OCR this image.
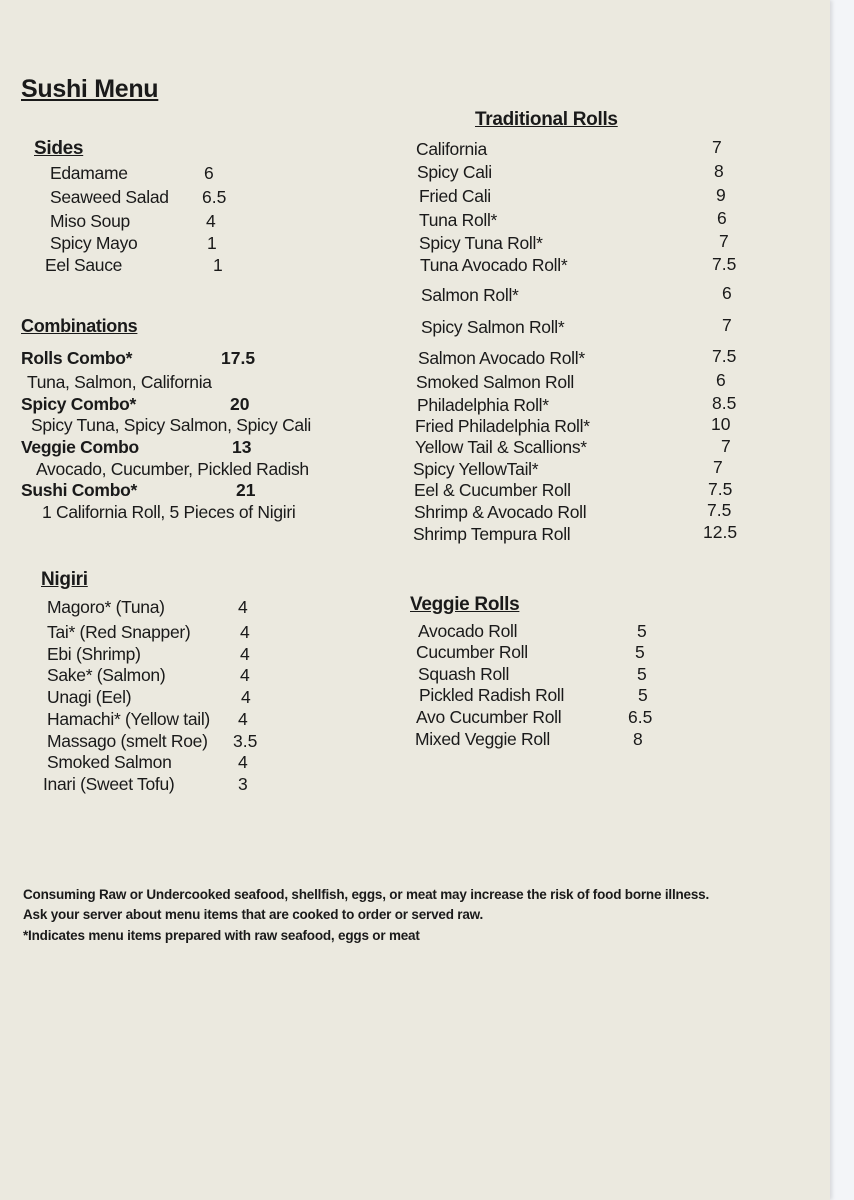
Sushi Menu
Sides
Edamame	6
Seaweed Salad 6.5
Miso Soup	4
Spicy Mayo	1
Eel Sauce	1
Combinations
Rolls Combo*	17.5
Tuna, Salmon, California
Spicy Combo*	20
Spicy Tuna, Spicy Salmon, Spicy Cali
Veggie Combo	13
Avocado, Cucumber, Pickled Radish
Sushi Combo*	21
1 California Roll, 5 Pieces of Nigiri
Nigiri
Magoro* (Tuna)	4
Tai* (Red Snapper)	4
Ebi (Shrimp)	4
Sake* (Salmon)	4
Unagi (Eel)	4
Hamachi* (Yellow tail) 4
Massago (smelt Roe) 3.5
Smoked Salmon	4
Inari (Sweet Tofu)	3
Traditional Rolls
California	7
Spicy Cali	8
Fried Cali	9
Tuna Roll*	6
Spicy Tuna Roll*	7
Tuna Avocado Roll*	7.5
Salmon Roll*	6
Spicy Salmon Roll*	7
Salmon Avocado Roll*	7.5
Smoked Salmon Roll	6
Philadelphia Roll*	8.5
Fried Philadelphia Roll*	10
Yellow Tail & Scallions*	7
Spicy YellowTail*	7
Eel & Cucumber Roll	7.5
Shrimp & Avocado Roll	7.5
Shrimp Tempura Roll	12.5
Veggie Rolls
Avocado Roll	5
Cucumber Roll	5
Squash Roll	5
Pickled Radish Roll	5
Avo Cucumber Roll	6.5
Mixed Veggie Roll	8
Consuming Raw or Undercooked seafood, shellfish, eggs, or meat may increase the risk of food borne illness.
Ask your server about menu items that are cooked to order or served raw.
*Indicates menu items prepared with raw seafood, eggs or meat
